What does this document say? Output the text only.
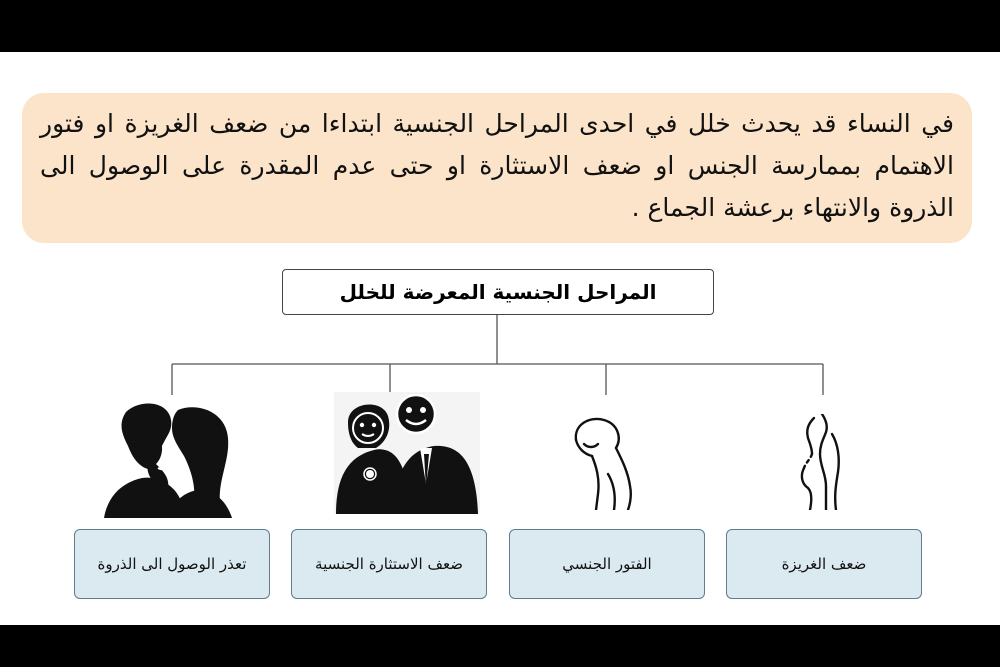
في النساء قد يحدث خلل في احدى المراحل الجنسية ابتداءا من ضعف الغريزة او فتور الاهتمام بممارسة الجنس او ضعف الاستثارة او حتى عدم المقدرة على الوصول الى الذروة والانتهاء برعشة الجماع .
المراحل الجنسية المعرضة للخلل
تعذر الوصول الى الذروة	ضعف الاستثارة الجنسية	الفتور الجنسي	ضعف الغريزة
